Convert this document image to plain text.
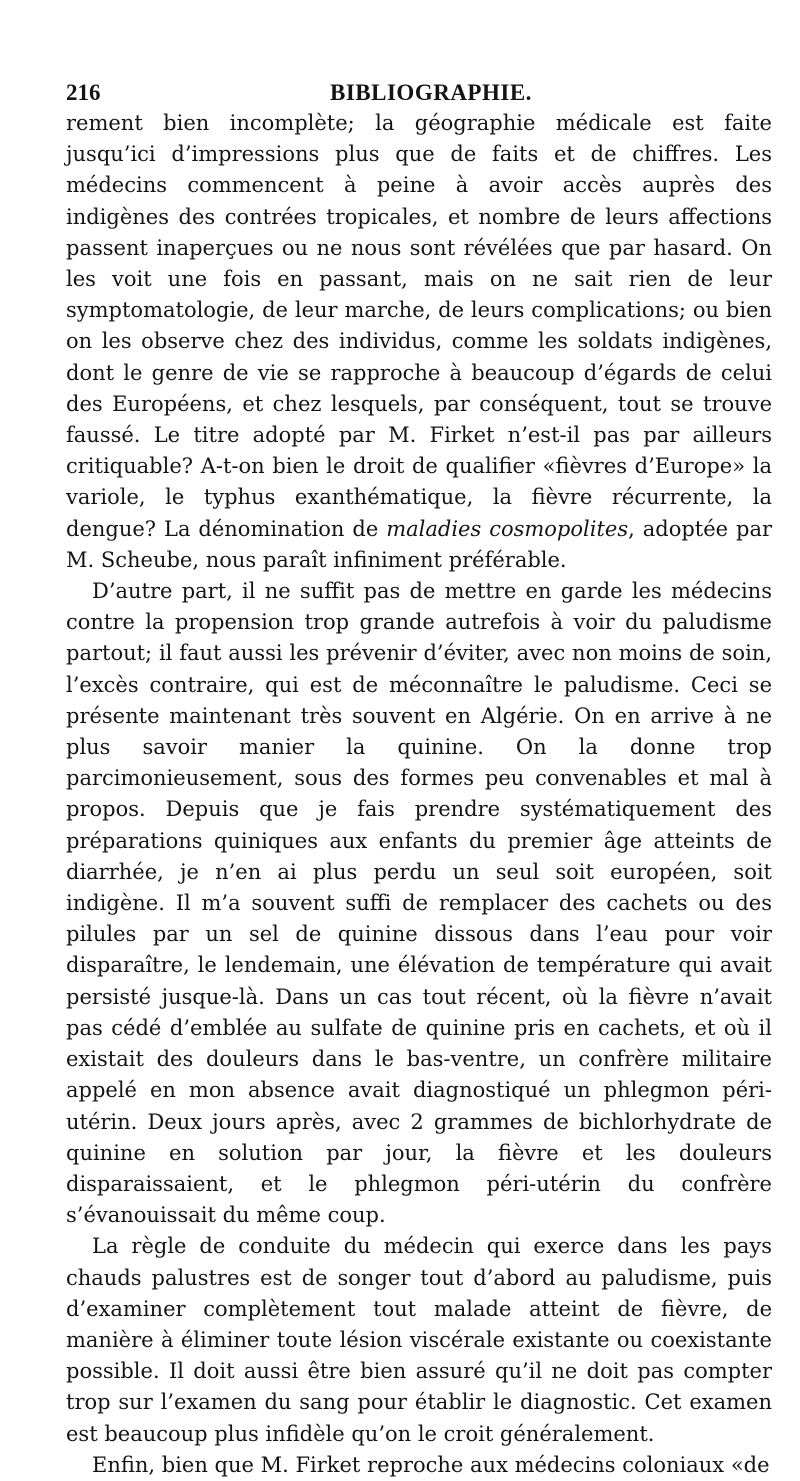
216	BIBLIOGRAPHIE.

rement bien incomplète; la géographie médicale est faite jusqu’ici d’impressions plus que de faits et de chiffres. Les médecins commencent à peine à avoir accès auprès des indigènes des contrées tropicales, et nombre de leurs affections passent inaperçues ou ne nous sont révélées que par hasard. On les voit une fois en passant, mais on ne sait rien de leur symptomatologie, de leur marche, de leurs complications; ou bien on les observe chez des individus, comme les soldats indigènes, dont le genre de vie se rapproche à beaucoup d’égards de celui des Européens, et chez lesquels, par conséquent, tout se trouve faussé. Le titre adopté par M. Firket n’est-il pas par ailleurs critiquable? A-t-on bien le droit de qualifier «fièvres d’Europe» la variole, le typhus exanthématique, la fièvre récurrente, la dengue? La dénomination de maladies cosmopolites, adoptée par M. Scheube, nous paraît infiniment préférable.

D’autre part, il ne suffit pas de mettre en garde les médecins contre la propension trop grande autrefois à voir du paludisme partout; il faut aussi les prévenir d’éviter, avec non moins de soin, l’excès contraire, qui est de méconnaître le paludisme. Ceci se présente maintenant très souvent en Algérie. On en arrive à ne plus savoir manier la quinine. On la donne trop parcimonieusement, sous des formes peu convenables et mal à propos. Depuis que je fais prendre systématiquement des préparations quiniques aux enfants du premier âge atteints de diarrhée, je n’en ai plus perdu un seul soit européen, soit indigène. Il m’a souvent suffi de remplacer des cachets ou des pilules par un sel de quinine dissous dans l’eau pour voir disparaître, le lendemain, une élévation de température qui avait persisté jusque-là. Dans un cas tout récent, où la fièvre n’avait pas cédé d’emblée au sulfate de quinine pris en cachets, et où il existait des douleurs dans le bas-ventre, un confrère militaire appelé en mon absence avait diagnostiqué un phlegmon péri-utérin. Deux jours après, avec 2 grammes de bichlorhydrate de quinine en solution par jour, la fièvre et les douleurs disparaissaient, et le phlegmon péri-utérin du confrère s’évanouissait du même coup.

La règle de conduite du médecin qui exerce dans les pays chauds palustres est de songer tout d’abord au paludisme, puis d’examiner complètement tout malade atteint de fièvre, de manière à éliminer toute lésion viscérale existante ou coexistante possible. Il doit aussi être bien assuré qu’il ne doit pas compter trop sur l’examen du sang pour établir le diagnostic. Cet examen est beaucoup plus infidèle qu’on le croit généralement.

Enfin, bien que M. Firket reproche aux médecins coloniaux «de
